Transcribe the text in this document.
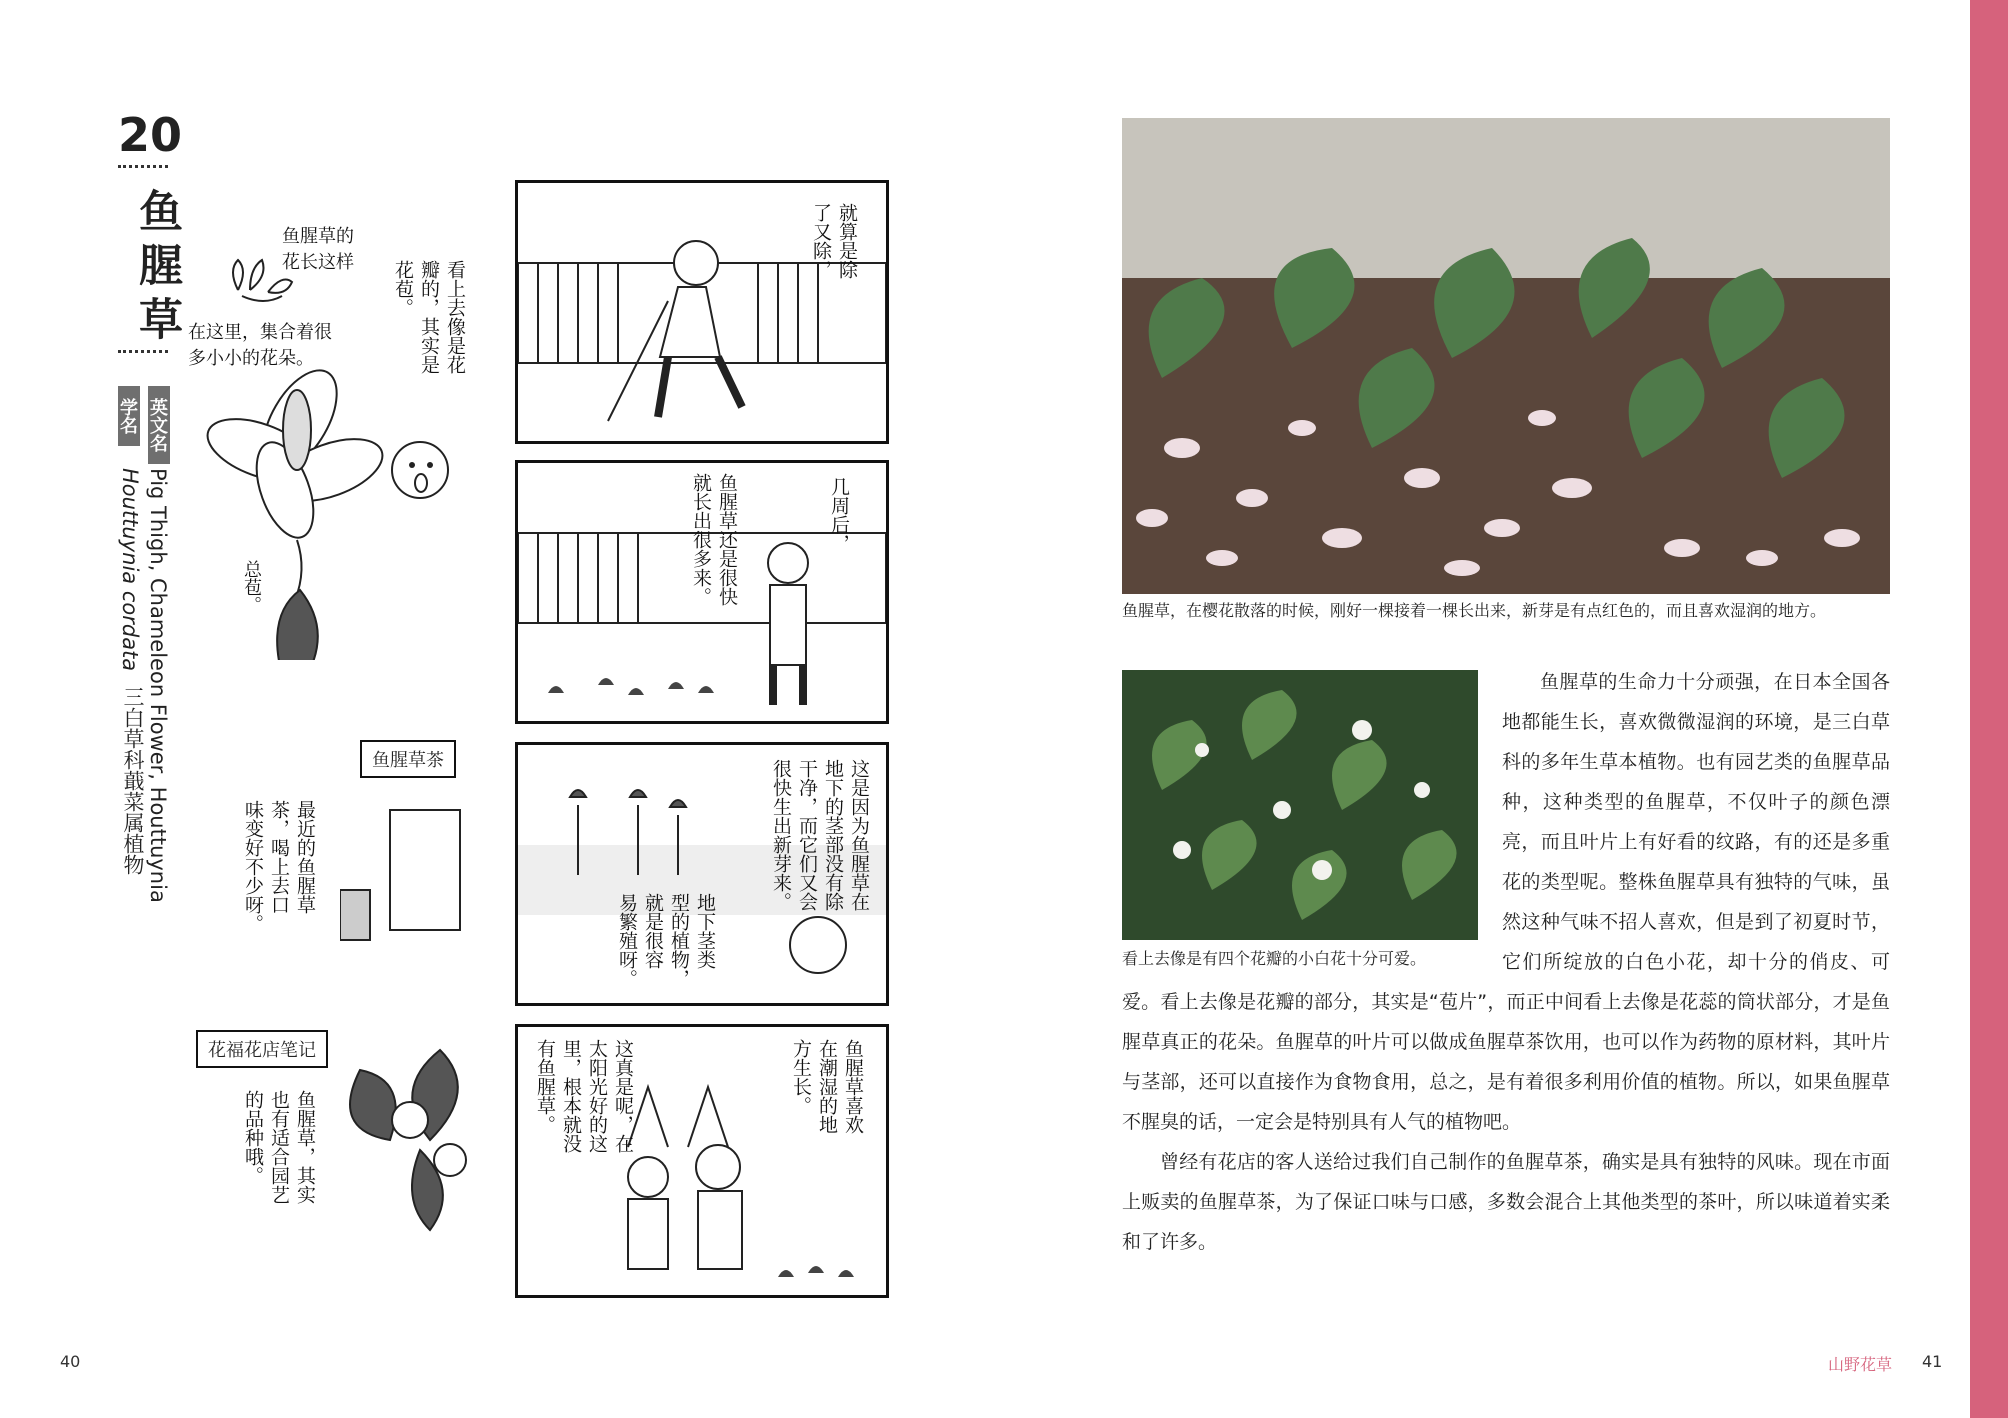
20
鱼腥草
学名 英文名
Pig Thigh, Chameleon Flower, Houttuynia
Houttuynia cordata
三白草科蕺菜属植物
鱼腥草的
花长这样
在这里，集合着很
多小小的花朵。
总苞。
看上去像是花
瓣的，其实是
花苞。
就算是除
了又除，
几周后，
鱼腥草还是很快
就长出很多来。
鱼腥草茶
最近的鱼腥草
茶，喝上去口
味变好不少呀。	这是因为鱼腥草在
地下的茎部没有除
干净，而它们又会
很快生出新芽来。
地下茎类
型的植物，
就是很容
易繁殖呀。
花福花店笔记
鱼腥草，其实
也有适合园艺
的品种哦。
鱼腥草喜欢
在潮湿的地
方生长。
这真是呢，在
太阳光好的这
里，根本就没
有鱼腥草。
40
鱼腥草，在樱花散落的时候，刚好一棵接着一棵长出来，新芽是有点红色的，而且喜欢湿润的地方。
看上去像是有四个花瓣的小白花十分可爱。

鱼腥草的生命力十分顽强，在日本全国各地都能生长，喜欢微微湿润的环境，是三白草科的多年生草本植物。也有园艺类的鱼腥草品种，这种类型的鱼腥草，不仅叶子的颜色漂亮，而且叶片上有好看的纹路，有的还是多重花的类型呢。整株鱼腥草具有独特的气味，虽然这种气味不招人喜欢，但是到了初夏时节，它们所绽放的白色小花，却十分的俏皮、可爱。看上去像是花瓣的部分，其实是“苞片”，而正中间看上去像是花蕊的筒状部分，才是鱼腥草真正的花朵。鱼腥草的叶片可以做成鱼腥草茶饮用，也可以作为药物的原材料，其叶片与茎部，还可以直接作为食物食用，总之，是有着很多利用价值的植物。所以，如果鱼腥草不腥臭的话，一定会是特别具有人气的植物吧。

曾经有花店的客人送给过我们自己制作的鱼腥草茶，确实是具有独特的风味。现在市面上贩卖的鱼腥草茶，为了保证口味与口感，多数会混合上其他类型的茶叶，所以味道着实柔和了许多。

山野花草 41
